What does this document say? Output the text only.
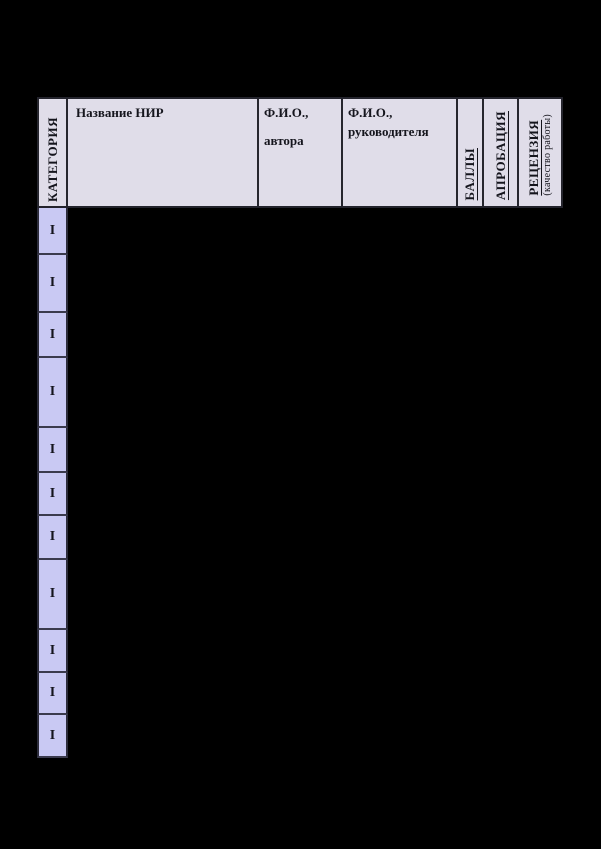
КАТЕГОРИЯ
Название НИР	Ф.И.О.,
автора
Ф.И.О.,
руководителя
БАЛЛЫ АПРОБАЦИЯ РЕЦЕНЗИЯ (качество работы)
I
I
I
I
I
I
I
I
I
I
I
